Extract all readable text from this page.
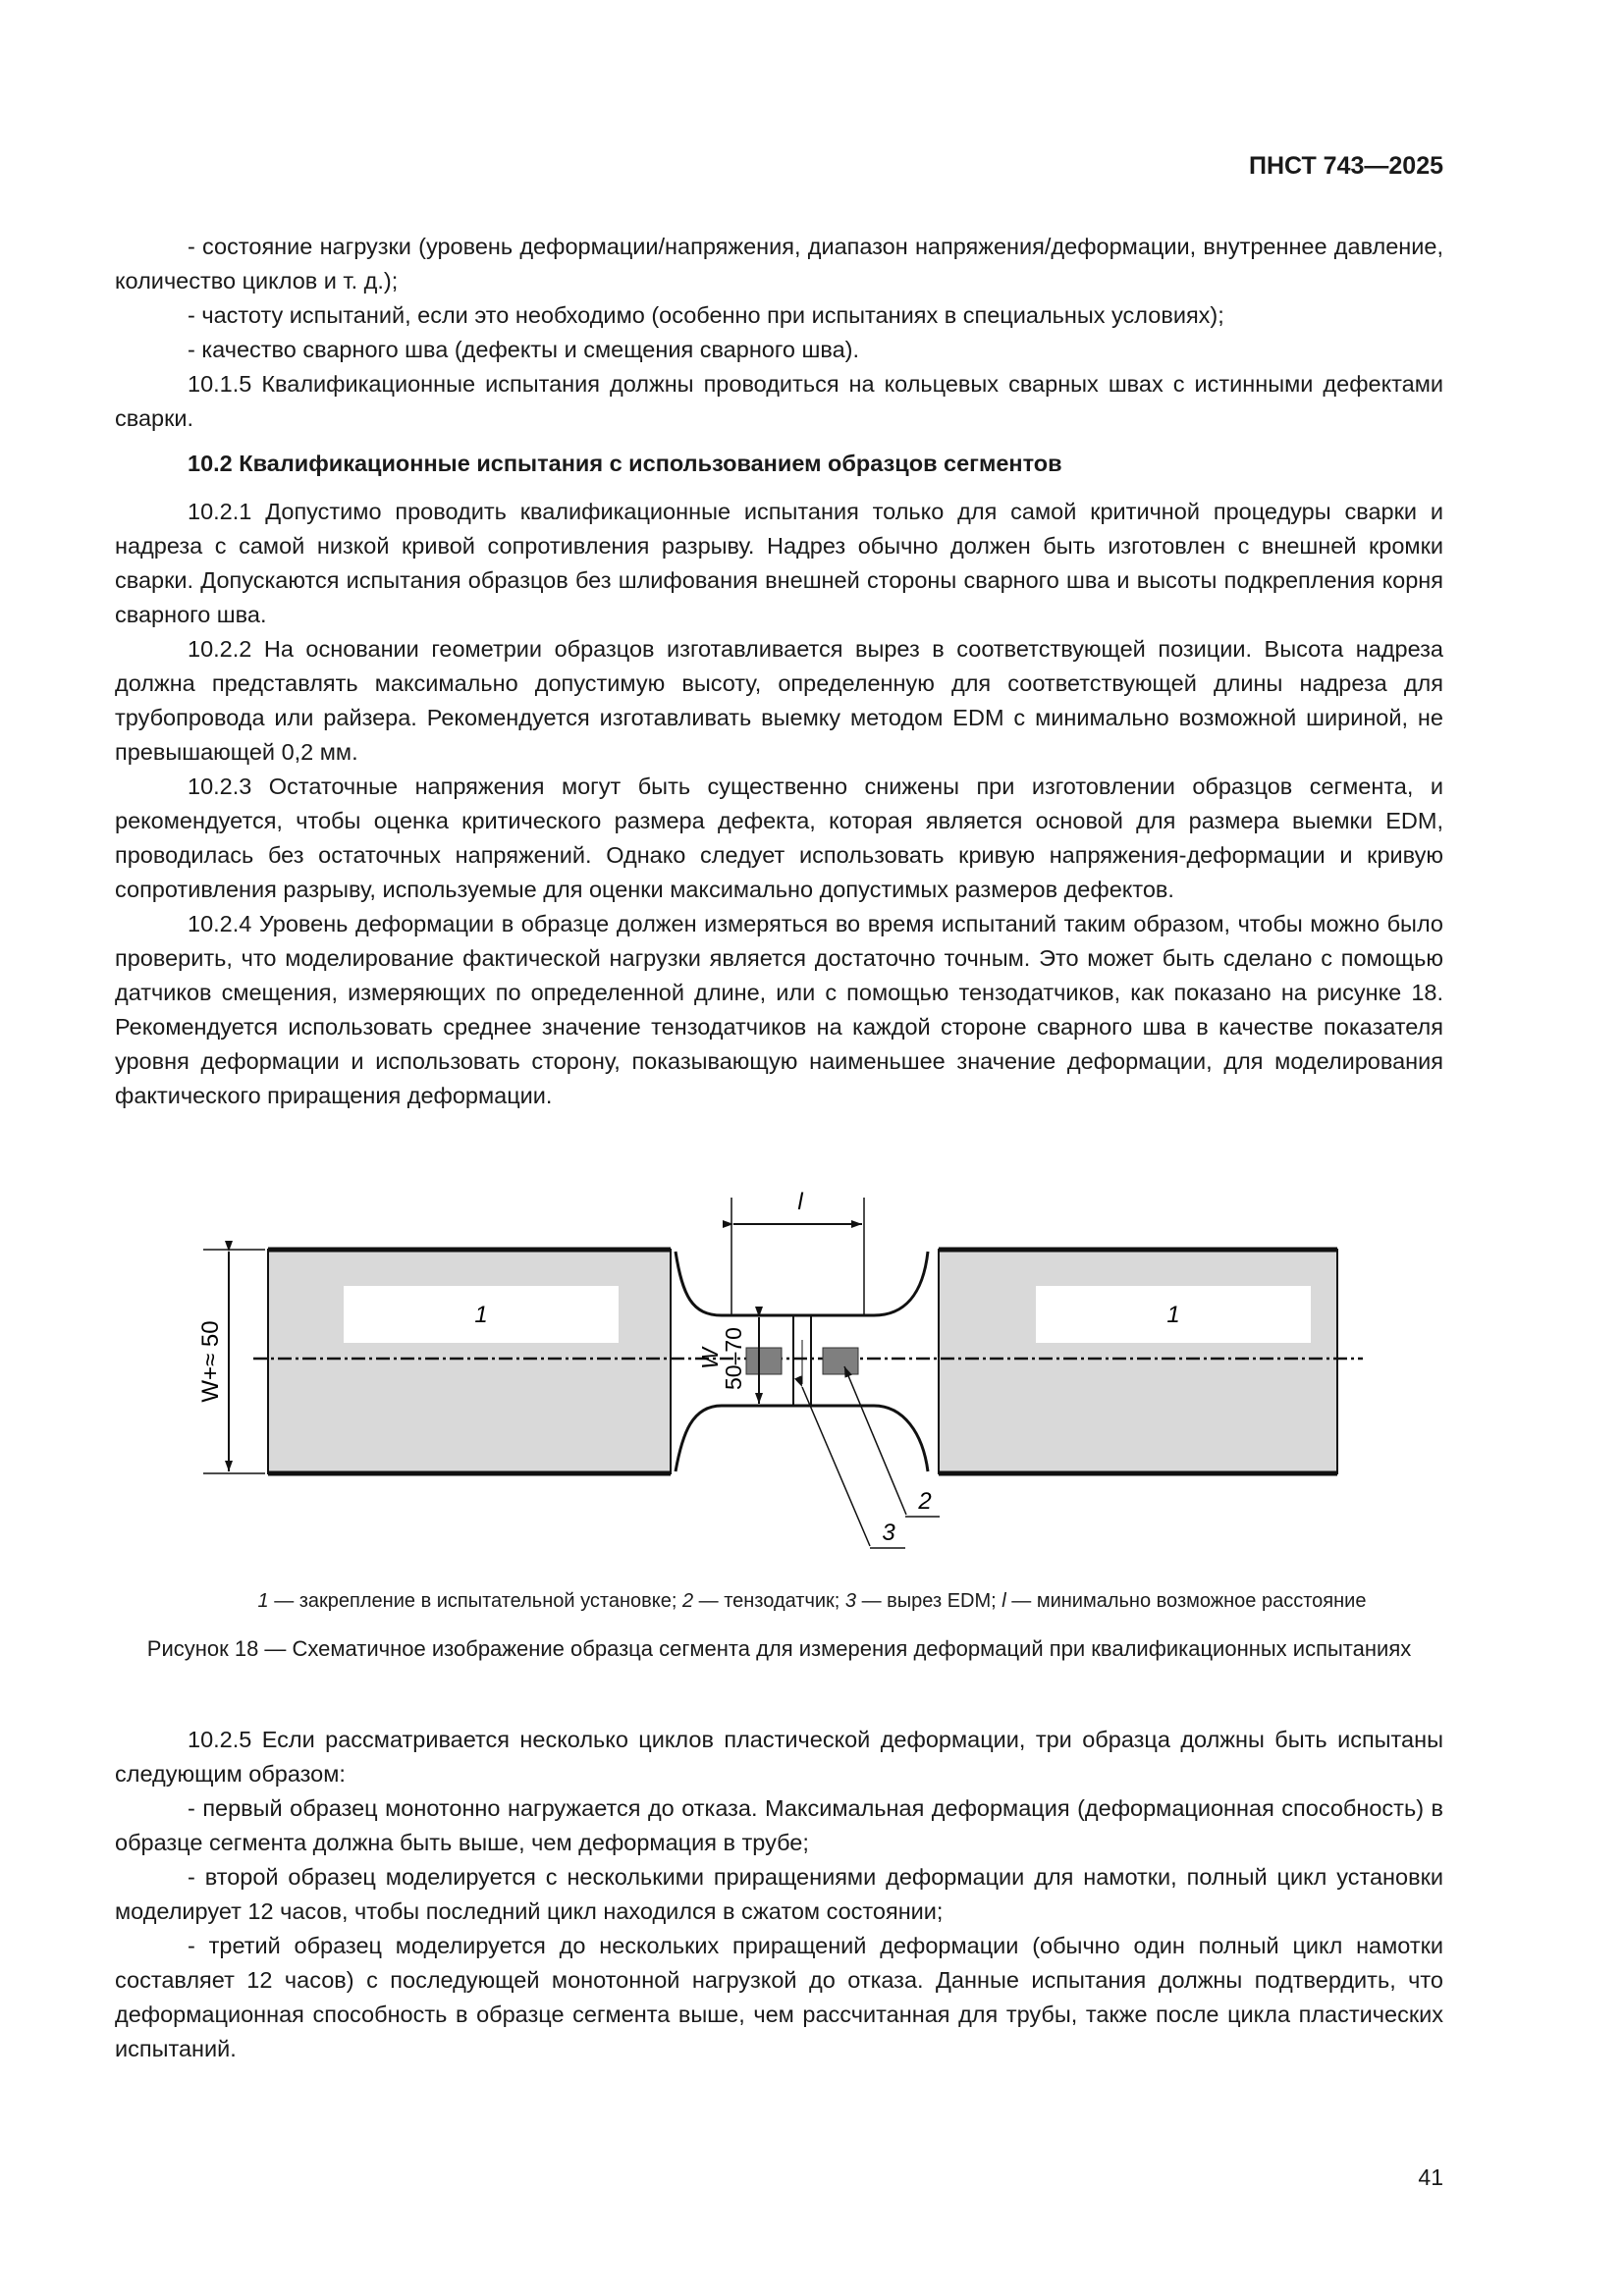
ПНСТ 743—2025

- состояние нагрузки (уровень деформации/напряжения, диапазон напряжения/деформации, внутреннее давление, количество циклов и т. д.);

- частоту испытаний, если это необходимо (особенно при испытаниях в специальных условиях);

- качество сварного шва (дефекты и смещения сварного шва).

10.1.5 Квалификационные испытания должны проводиться на кольцевых сварных швах с истинными дефектами сварки.

10.2 Квалификационные испытания с использованием образцов сегментов

10.2.1 Допустимо проводить квалификационные испытания только для самой критичной процедуры сварки и надреза с самой низкой кривой сопротивления разрыву. Надрез обычно должен быть изготовлен с внешней кромки сварки. Допускаются испытания образцов без шлифования внешней стороны сварного шва и высоты подкрепления корня сварного шва.

10.2.2 На основании геометрии образцов изготавливается вырез в соответствующей позиции. Высота надреза должна представлять максимально допустимую высоту, определенную для соответствующей длины надреза для трубопровода или райзера. Рекомендуется изготавливать выемку методом EDM с минимально возможной шириной, не превышающей 0,2 мм.

10.2.3 Остаточные напряжения могут быть существенно снижены при изготовлении образцов сегмента, и рекомендуется, чтобы оценка критического размера дефекта, которая является основой для размера выемки EDM, проводилась без остаточных напряжений. Однако следует использовать кривую напряжения-деформации и кривую сопротивления разрыву, используемые для оценки максимально допустимых размеров дефектов.

10.2.4 Уровень деформации в образце должен измеряться во время испытаний таким образом, чтобы можно было проверить, что моделирование фактической нагрузки является достаточно точным. Это может быть сделано с помощью датчиков смещения, измеряющих по определенной длине, или с помощью тензодатчиков, как показано на рисунке 18. Рекомендуется использовать среднее значение тензодатчиков на каждой стороне сварного шва в качестве показателя уровня деформации и использовать сторону, показывающую наименьшее значение деформации, для моделирования фактического приращения деформации.

1	1
l
W+≈ 50	W
50–70
2
3
1 — закрепление в испытательной установке; 2 — тензодатчик; 3 — вырез EDM; l — минимально возможное расстояние
Рисунок 18 — Схематичное изображение образца сегмента для измерения деформаций при квалификационных испытаниях

10.2.5 Если рассматривается несколько циклов пластической деформации, три образца должны быть испытаны следующим образом:

- первый образец монотонно нагружается до отказа. Максимальная деформация (деформационная способность) в образце сегмента должна быть выше, чем деформация в трубе;

- второй образец моделируется с несколькими приращениями деформации для намотки, полный цикл установки моделирует 12 часов, чтобы последний цикл находился в сжатом состоянии;

- третий образец моделируется до нескольких приращений деформации (обычно один полный цикл намотки составляет 12 часов) с последующей монотонной нагрузкой до отказа. Данные испытания должны подтвердить, что деформационная способность в образце сегмента выше, чем рассчитанная для трубы, также после цикла пластических испытаний.

41
